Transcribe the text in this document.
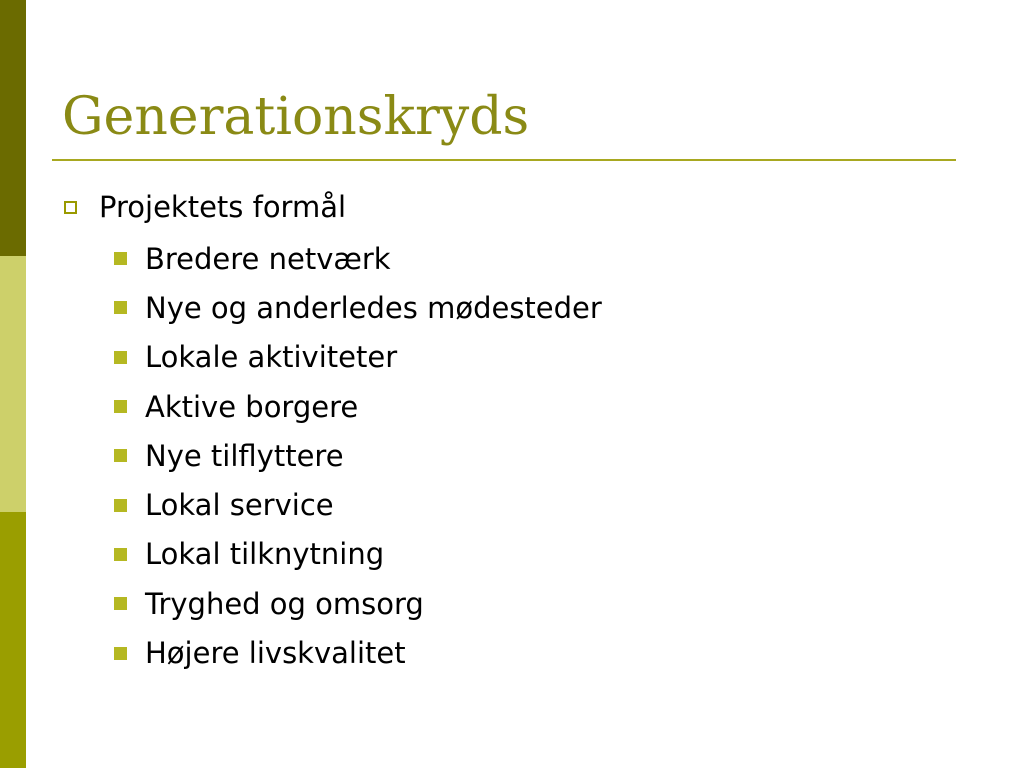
Generationskryds
Projektets formål
Bredere netværk
Nye og anderledes mødesteder
Lokale aktiviteter
Aktive borgere
Nye tilflyttere
Lokal service
Lokal tilknytning
Tryghed og omsorg
Højere livskvalitet
